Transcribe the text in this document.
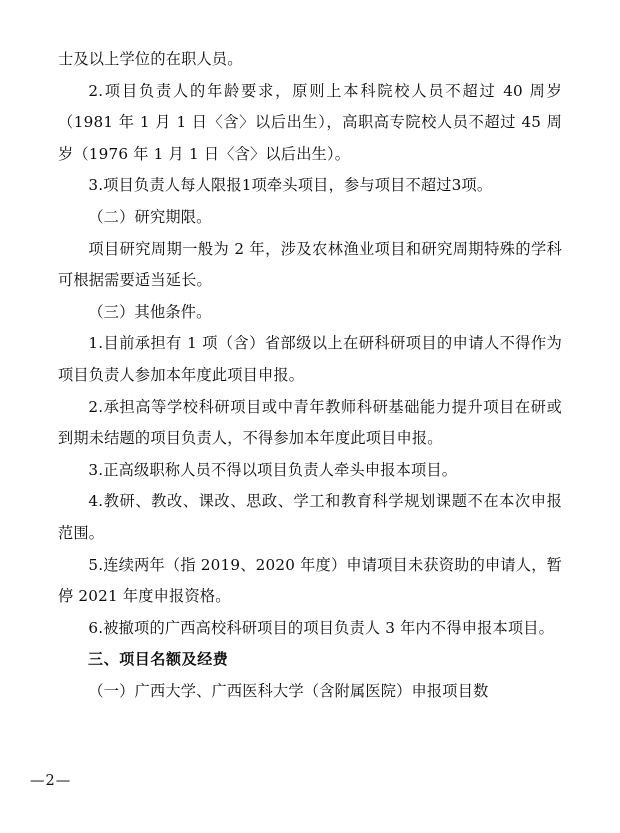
士及以上学位的在职人员。

2.项目负责人的年龄要求，原则上本科院校人员不超过 40 周岁（1981 年 1 月 1 日〈含〉以后出生），高职高专院校人员不超过 45 周岁（1976 年 1 月 1 日〈含〉以后出生）。

3.项目负责人每人限报1项牵头项目，参与项目不超过3项。

（二）研究期限。

项目研究周期一般为 2 年，涉及农林渔业项目和研究周期特殊的学科可根据需要适当延长。

（三）其他条件。

1.目前承担有 1 项（含）省部级以上在研科研项目的申请人不得作为项目负责人参加本年度此项目申报。

2.承担高等学校科研项目或中青年教师科研基础能力提升项目在研或到期未结题的项目负责人，不得参加本年度此项目申报。

3.正高级职称人员不得以项目负责人牵头申报本项目。

4.教研、教改、课改、思政、学工和教育科学规划课题不在本次申报范围。

5.连续两年（指 2019、2020 年度）申请项目未获资助的申请人，暂停 2021 年度申报资格。

6.被撤项的广西高校科研项目的项目负责人 3 年内不得申报本项目。

三、项目名额及经费

（一）广西大学、广西医科大学（含附属医院）申报项目数

—2—
